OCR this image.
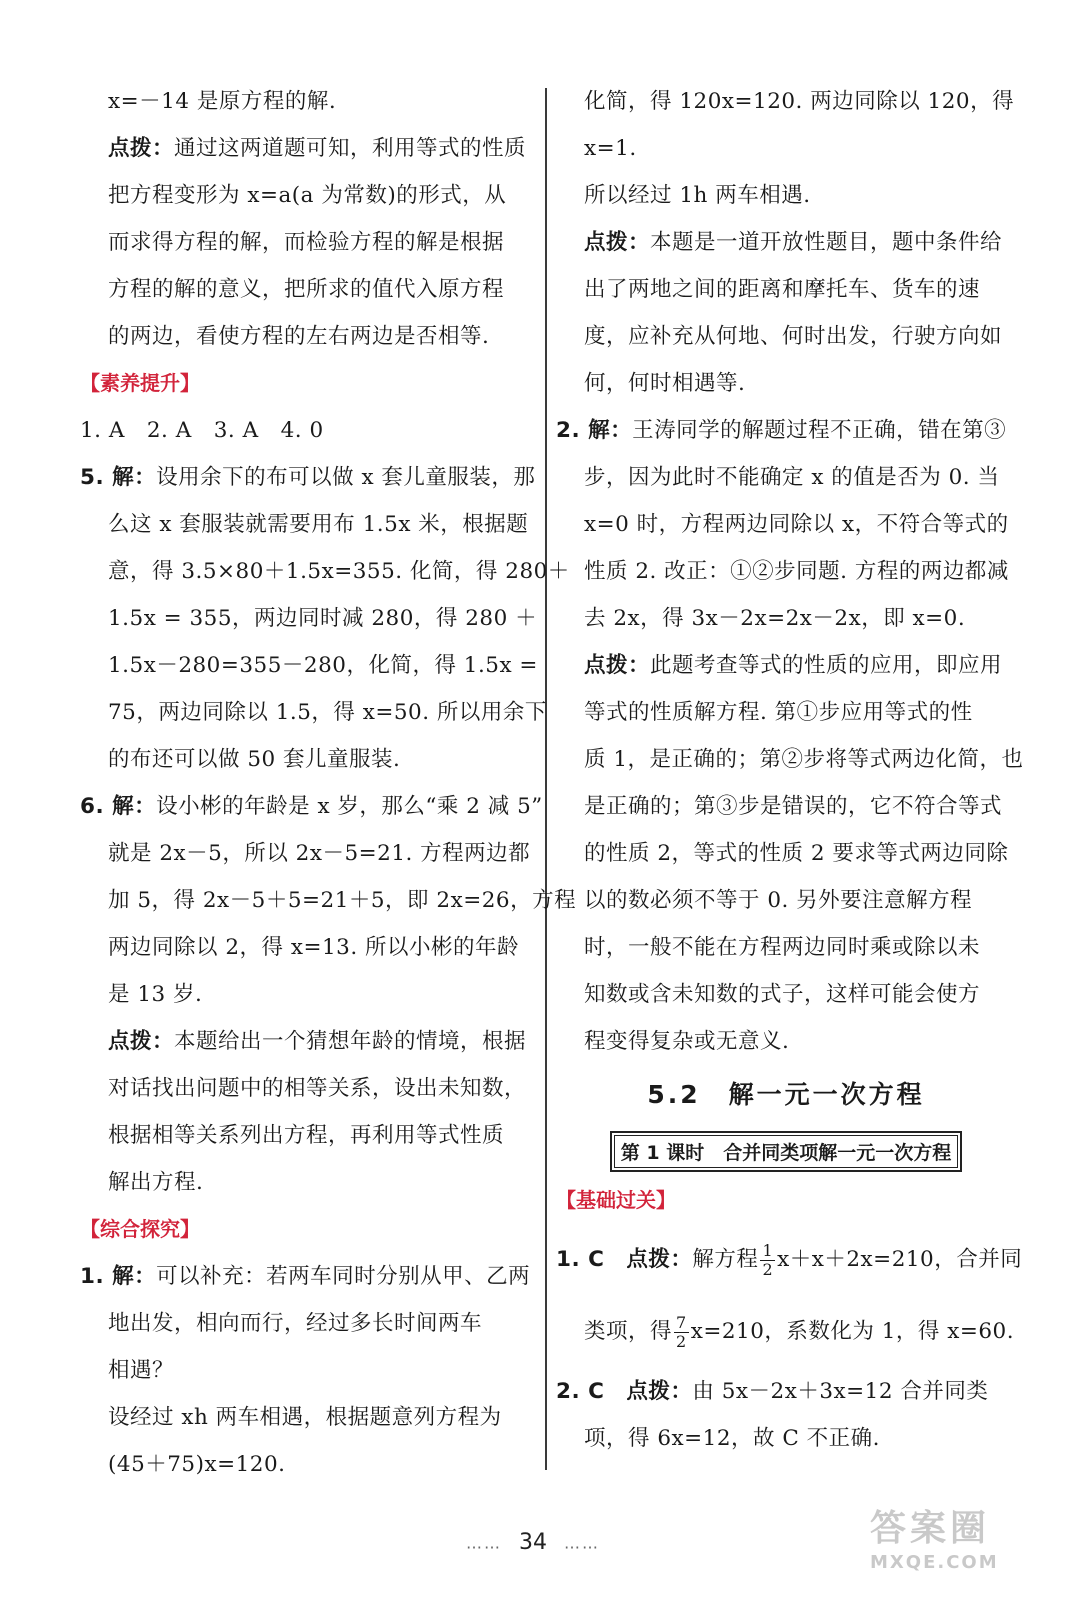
x=－14 是原方程的解.
点拨：通过这两道题可知，利用等式的性质
把方程变形为 x=a(a 为常数)的形式，从
而求得方程的解，而检验方程的解是根据
方程的解的意义，把所求的值代入原方程
的两边，看使方程的左右两边是否相等.
【素养提升】
1. A　2. A　3. A　4. 0
5. 解：设用余下的布可以做 x 套儿童服装，那
么这 x 套服装就需要用布 1.5x 米，根据题
意，得 3.5×80＋1.5x=355. 化简，得 280＋
1.5x = 355，两边同时减 280，得 280 ＋
1.5x－280=355－280，化简，得 1.5x =
75，两边同除以 1.5，得 x=50. 所以用余下
的布还可以做 50 套儿童服装.
6. 解：设小彬的年龄是 x 岁，那么“乘 2 减 5”
就是 2x－5，所以 2x－5=21. 方程两边都
加 5，得 2x－5＋5=21＋5，即 2x=26，方程
两边同除以 2，得 x=13. 所以小彬的年龄
是 13 岁.
点拨：本题给出一个猜想年龄的情境，根据
对话找出问题中的相等关系，设出未知数，
根据相等关系列出方程，再利用等式性质
解出方程.
【综合探究】
1. 解：可以补充：若两车同时分别从甲、乙两
地出发，相向而行，经过多长时间两车
相遇？
设经过 xh 两车相遇，根据题意列方程为
(45＋75)x=120.
化简，得 120x=120. 两边同除以 120，得
x=1.
所以经过 1h 两车相遇.
点拨：本题是一道开放性题目，题中条件给
出了两地之间的距离和摩托车、货车的速
度，应补充从何地、何时出发，行驶方向如
何，何时相遇等.
2. 解：王涛同学的解题过程不正确，错在第③
步，因为此时不能确定 x 的值是否为 0. 当
x=0 时，方程两边同除以 x，不符合等式的
性质 2. 改正：①②步同题. 方程的两边都减
去 2x，得 3x－2x=2x－2x，即 x=0.
点拨：此题考查等式的性质的应用，即应用
等式的性质解方程. 第①步应用等式的性
质 1，是正确的；第②步将等式两边化简，也
是正确的；第③步是错误的，它不符合等式
的性质 2，等式的性质 2 要求等式两边同除
以的数必须不等于 0. 另外要注意解方程
时，一般不能在方程两边同时乘或除以未
知数或含未知数的式子，这样可能会使方
程变得复杂或无意义.
5.2　解一元一次方程
第 1 课时　合并同类项解一元一次方程
【基础过关】
1. C　点拨：解方程 $\frac{1}{2} x+x+2x=210$，合并同
类项，得 $\frac{7}{2} x=210$，系数化为 1，得 x=60.
2. C　点拨：由 5x－2x＋3x=12 合并同类
项，得 6x=12，故 C 不正确.
…… 34 ……	答案圈
MXQE.COM
